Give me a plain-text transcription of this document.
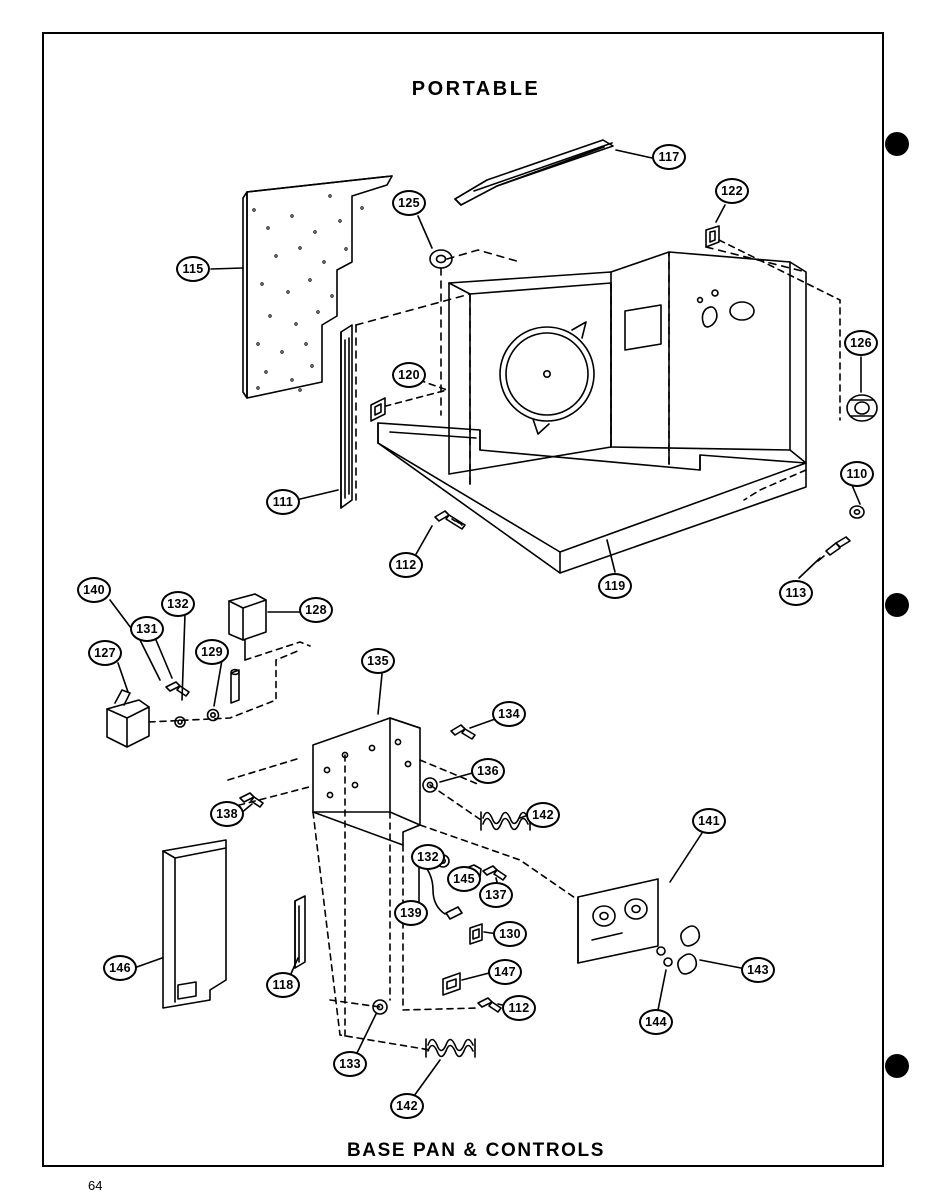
PORTABLE
BASE PAN & CONTROLS
64
117
122
125
115
126
120
111
110
112
119	113
140
132	128
131
129
127
135
134
136
142
138	141
132
145
137
139
130
146	147	143
118
112
144
133
142
